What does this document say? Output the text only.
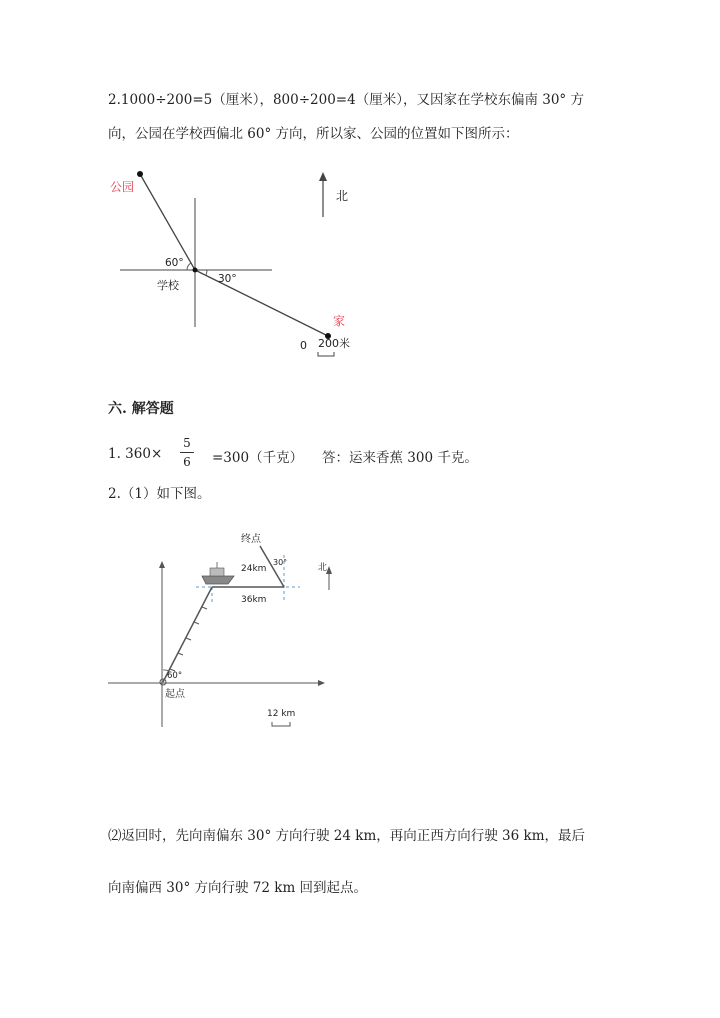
2.1000÷200=5（厘米），800÷200=4（厘米），又因家在学校东偏南 30° 方
向，公园在学校西偏北 60° 方向，所以家、公园的位置如下图所示：
公园
家
学校
60°
30°
北
0 200米
六. 解答题
1. 360×
5
6 =300（千克） 答：运来香蕉 300 千克。
2.（1）如下图。
终点
起点
60°
30°
24km
36km
北
12 km
⑵返回时，先向南偏东 30° 方向行驶 24 km，再向正西方向行驶 36 km，最后
向南偏西 30° 方向行驶 72 km 回到起点。
